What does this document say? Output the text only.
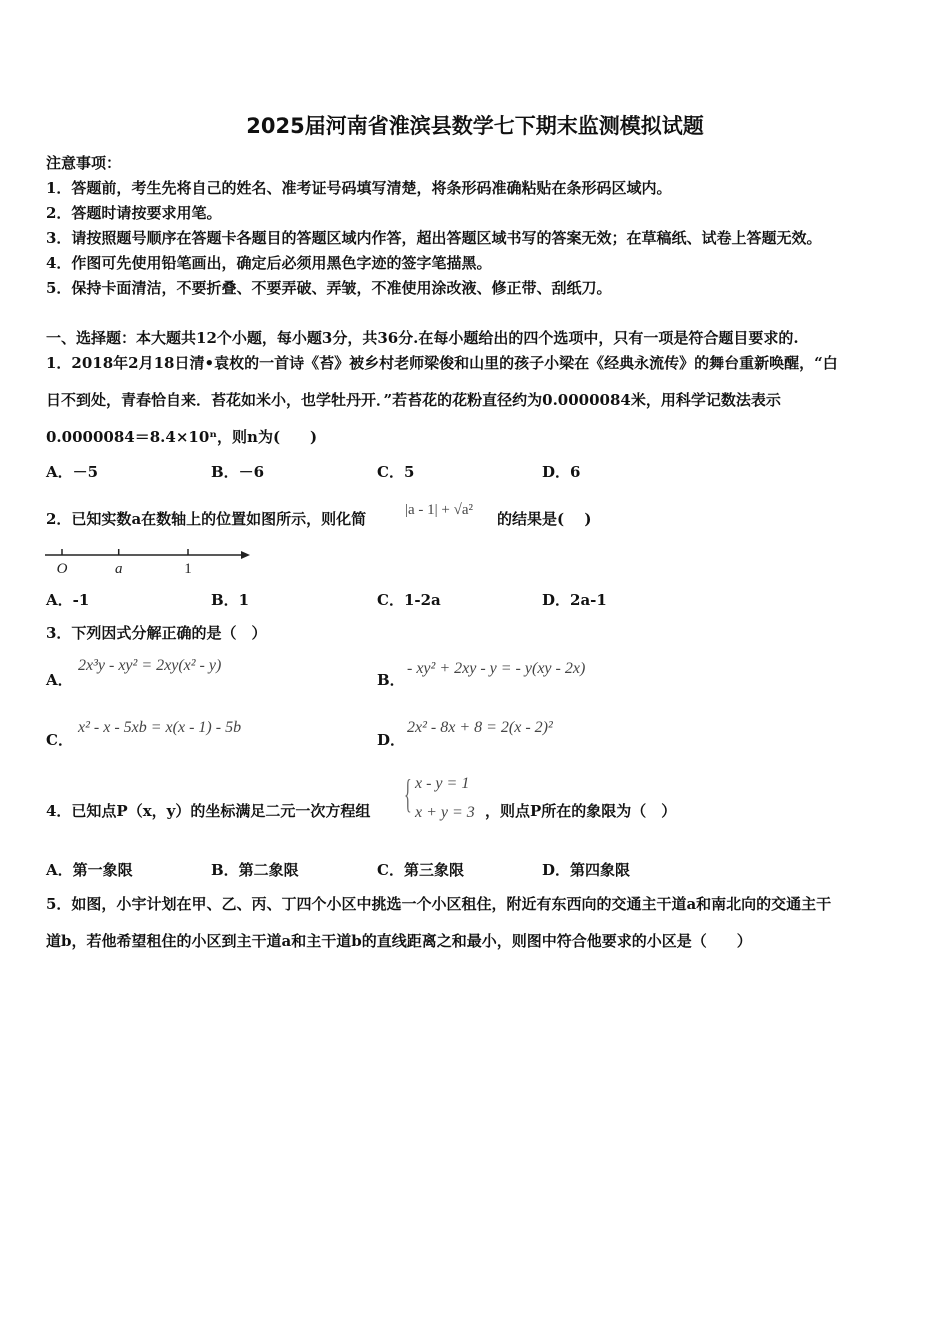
2025届河南省淮滨县数学七下期末监测模拟试题
注意事项：
1．答题前，考生先将自己的姓名、准考证号码填写清楚，将条形码准确粘贴在条形码区域内。
2．答题时请按要求用笔。
3．请按照题号顺序在答题卡各题目的答题区域内作答，超出答题区域书写的答案无效；在草稿纸、试卷上答题无效。
4．作图可先使用铅笔画出，确定后必须用黑色字迹的签字笔描黑。
5．保持卡面清洁，不要折叠、不要弄破、弄皱，不准使用涂改液、修正带、刮纸刀。
一、选择题：本大题共12个小题，每小题3分，共36分.在每小题给出的四个选项中，只有一项是符合题目要求的.
1．2018年2月18日清•袁枚的一首诗《苔》被乡村老师梁俊和山里的孩子小梁在《经典永流传》的舞台重新唤醒，“白
日不到处，青春恰自来．苔花如米小，也学牡丹开．”若苔花的花粉直径约为0.0000084米，用科学记数法表示
0.0000084＝8.4×10ⁿ，则n为(　　)
A．－5	B．－6	C．5	D．6
2．已知实数a在数轴上的位置如图所示，则化简	|a - 1| + √a² 的结果是(　 )
O	a	1
A．-1	B．1	C．1-2a	D．2a-1
3．下列因式分解正确的是（　）
A．
2x³y - xy² = 2xy(x² - y)
B．
- xy² + 2xy - y = - y(xy - 2x)
C．
x² - x - 5xb = x(x - 1) - 5b
D．
2x² - 8x + 8 = 2(x - 2)²
4．已知点P（x，y）的坐标满足二元一次方程组 { x - y = 1
x + y = 3 ，则点P所在的象限为（　）
A．第一象限	B．第二象限	C．第三象限	D．第四象限
5．如图，小宇计划在甲、乙、丙、丁四个小区中挑选一个小区租住，附近有东西向的交通主干道a和南北向的交通主干
道b，若他希望租住的小区到主干道a和主干道b的直线距离之和最小，则图中符合他要求的小区是（　　）
